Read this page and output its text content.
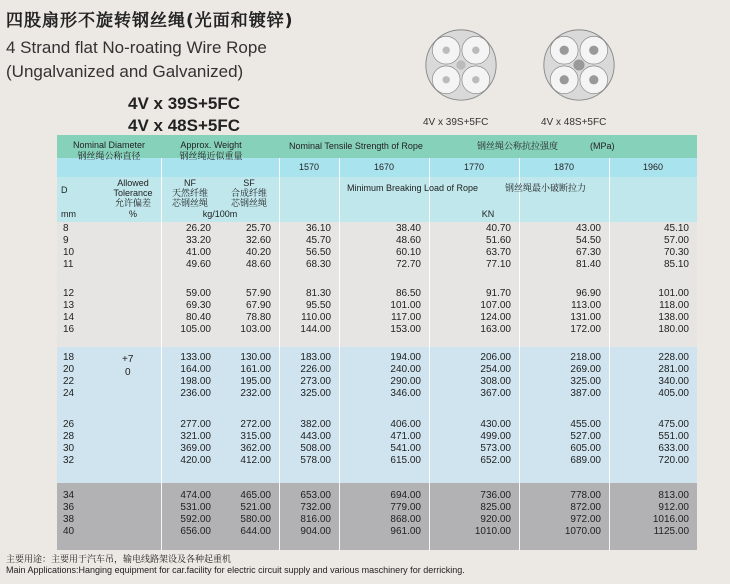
四股扇形不旋转钢丝绳(光面和镀锌)
4 Strand flat No-roating Wire Rope
(Ungalvanized and Galvanized)
4V x 39S+5FC
4V x 48S+5FC	4V x 39S+5FC	4V x 48S+5FC
Nominal Diameter
钢丝绳公称直径
Approx. Weight
钢丝绳近似重量
Nominal Tensile Strength of Rope	钢丝绳公称抗拉强度	(MPa)
1570	1670	1770	1870	1960
D
Allowed
Tolerance
允许偏差
mm	%
NF
天然纤维
芯钢丝绳
SF
合成纤维
芯钢丝绳
kg/100m
Minimum Breaking Load of Rope	钢丝绳最小破断拉力
KN
+7
0
8	26.20	25.70	36.10	38.40	40.70	43.00	45.10
9	33.20	32.60	45.70	48.60	51.60	54.50	57.00
10	41.00	40.20	56.50	60.10	63.70	67.30	70.30
11	49.60	48.60	68.30	72.70	77.10	81.40	85.10
12	59.00	57.90	81.30	86.50	91.70	96.90	101.00
13	69.30	67.90	95.50	101.00	107.00	113.00	118.00
14	80.40	78.80	110.00	117.00	124.00	131.00	138.00
16	105.00	103.00	144.00	153.00	163.00	172.00	180.00
18	133.00	130.00	183.00	194.00	206.00	218.00	228.00
20	164.00	161.00	226.00	240.00	254.00	269.00	281.00
22	198.00	195.00	273.00	290.00	308.00	325.00	340.00
24	236.00	232.00	325.00	346.00	367.00	387.00	405.00
26	277.00	272.00	382.00	406.00	430.00	455.00	475.00
28	321.00	315.00	443.00	471.00	499.00	527.00	551.00
30	369.00	362.00	508.00	541.00	573.00	605.00	633.00
32	420.00	412.00	578.00	615.00	652.00	689.00	720.00
34	474.00	465.00	653.00	694.00	736.00	778.00	813.00
36	531.00	521.00	732.00	779.00	825.00	872.00	912.00
38	592.00	580.00	816.00	868.00	920.00	972.00	1016.00
40	656.00	644.00	904.00	961.00	1010.00	1070.00	1125.00
主要用途：主要用于汽车吊，输电线路架设及各种起重机
Main Applications:Hanging equipment for car.facility for electric circuit supply and various maschinery for derricking.
